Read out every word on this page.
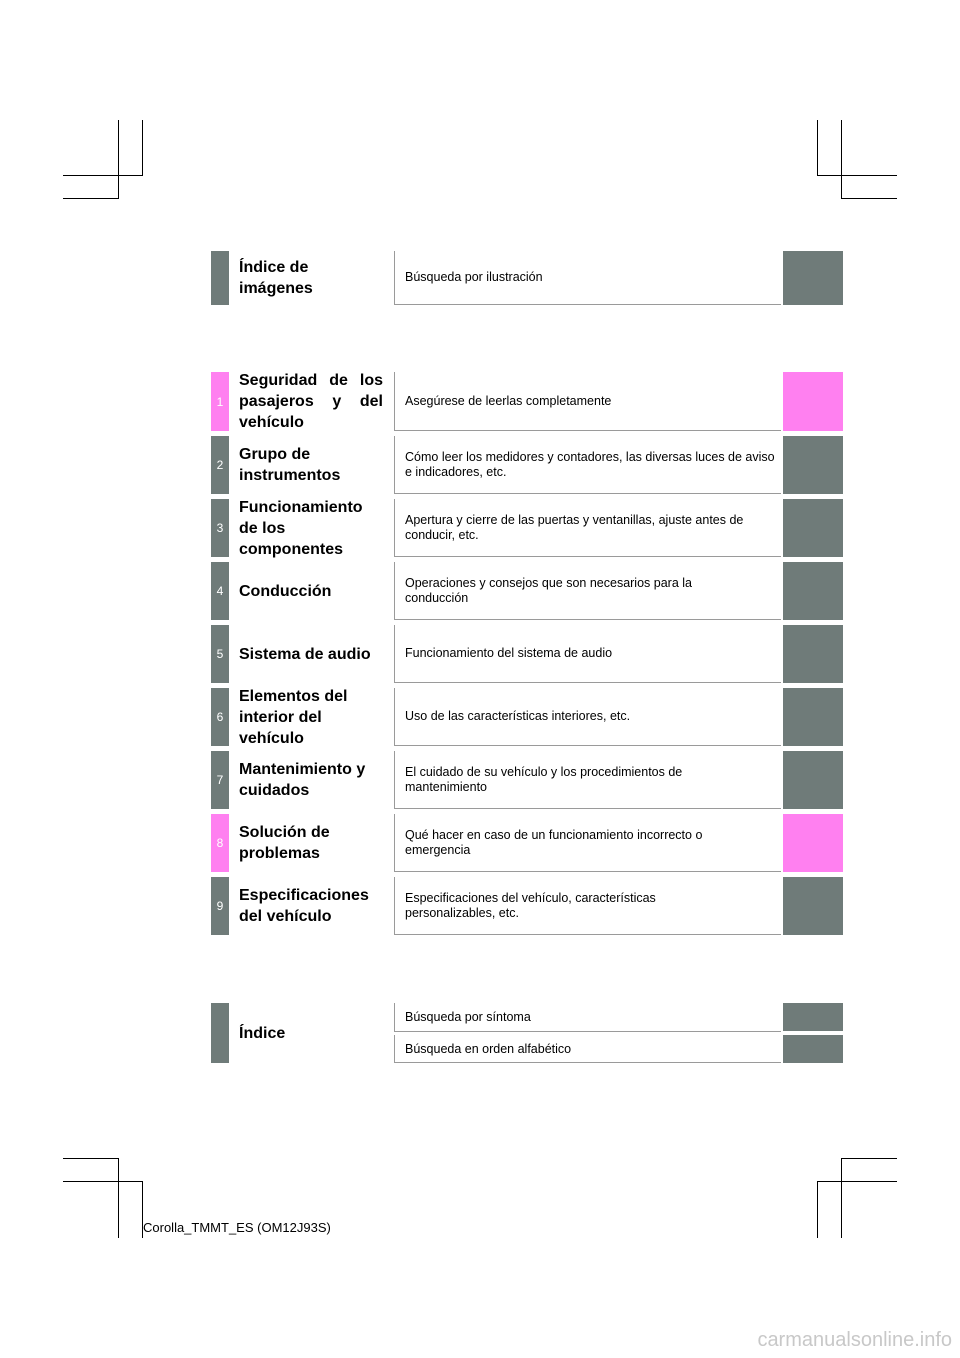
Índice de imágenes
Búsqueda por ilustración
1
Seguridad de los pasajeros y del vehículo
Asegúrese de leerlas completamente
2
Grupo de instrumentos
Cómo leer los medidores y contadores, las diversas luces de aviso e indicadores, etc.
3
Funcionamiento de los componentes
Apertura y cierre de las puertas y ventanillas, ajuste antes de conducir, etc.
4 Conducción	Operaciones y consejos que son necesarios para la conducción
5 Sistema de audio	Funcionamiento del sistema de audio
6
Elementos del interior del vehículo
Uso de las características interiores, etc.
7
Mantenimiento y cuidados
El cuidado de su vehículo y los procedimientos de mantenimiento
8
Solución de problemas
Qué hacer en caso de un funcionamiento incorrecto o emergencia
9
Especificaciones del vehículo
Especificaciones del vehículo, características personalizables, etc.
Índice
Búsqueda por síntoma
Búsqueda en orden alfabético
Corolla_TMMT_ES (OM12J93S)
carmanualsonline.info
